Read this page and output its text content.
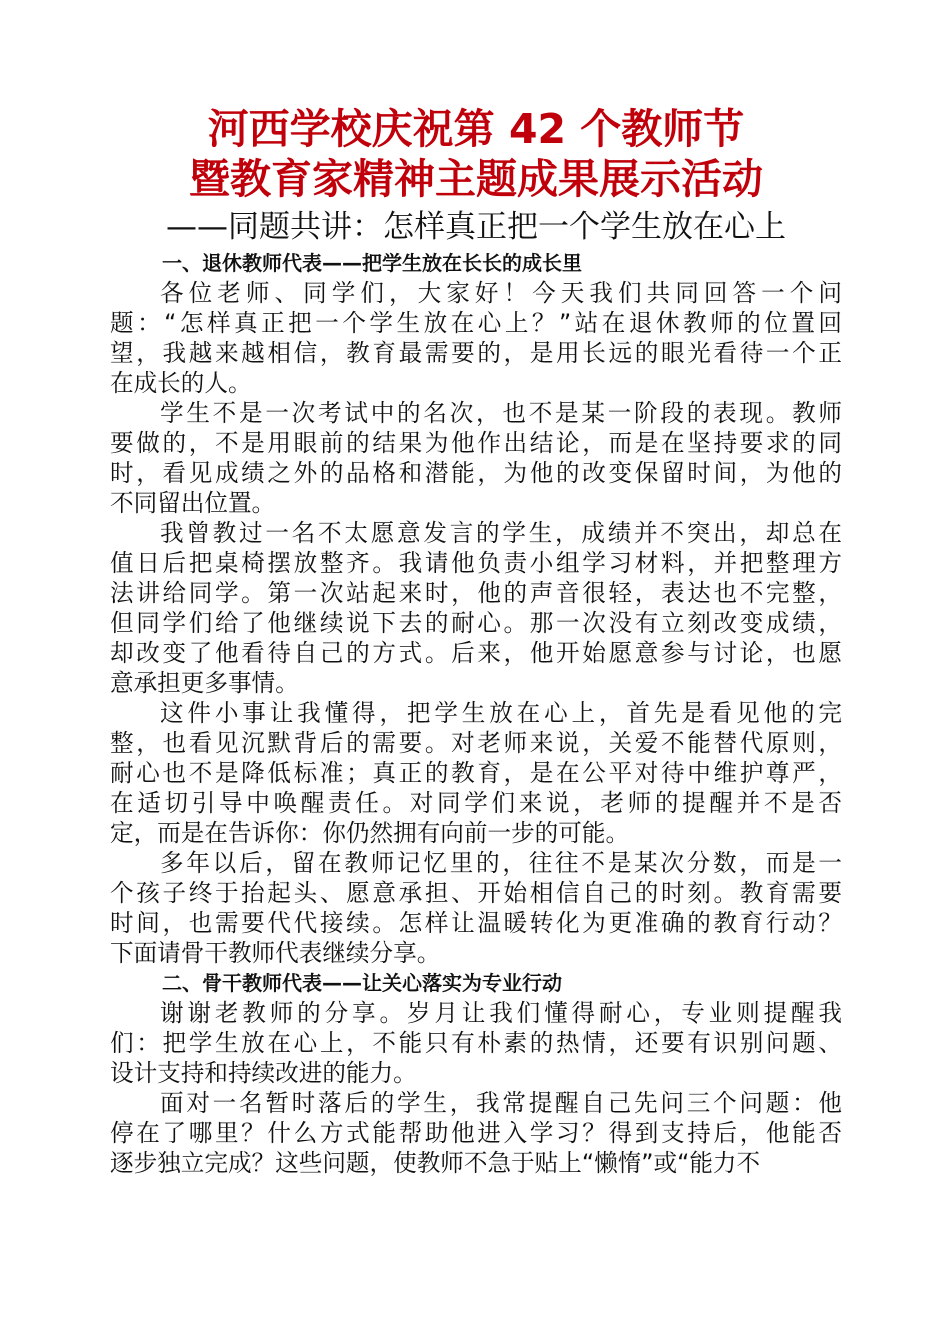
河西学校庆祝第 42 个教师节
暨教育家精神主题成果展示活动
——同题共讲：怎样真正把一个学生放在心上
一、退休教师代表——把学生放在长长的成长里
各位老师、同学们，大家好！今天我们共同回答一个问
题：“怎样真正把一个学生放在心上？”站在退休教师的位置回
望，我越来越相信，教育最需要的，是用长远的眼光看待一个正
在成长的人。
学生不是一次考试中的名次，也不是某一阶段的表现。教师
要做的，不是用眼前的结果为他作出结论，而是在坚持要求的同
时，看见成绩之外的品格和潜能，为他的改变保留时间，为他的
不同留出位置。
我曾教过一名不太愿意发言的学生，成绩并不突出，却总在
值日后把桌椅摆放整齐。我请他负责小组学习材料，并把整理方
法讲给同学。第一次站起来时，他的声音很轻，表达也不完整，
但同学们给了他继续说下去的耐心。那一次没有立刻改变成绩，
却改变了他看待自己的方式。后来，他开始愿意参与讨论，也愿
意承担更多事情。
这件小事让我懂得，把学生放在心上，首先是看见他的完
整，也看见沉默背后的需要。对老师来说，关爱不能替代原则，
耐心也不是降低标准；真正的教育，是在公平对待中维护尊严，
在适切引导中唤醒责任。对同学们来说，老师的提醒并不是否
定，而是在告诉你：你仍然拥有向前一步的可能。
多年以后，留在教师记忆里的，往往不是某次分数，而是一
个孩子终于抬起头、愿意承担、开始相信自己的时刻。教育需要
时间，也需要代代接续。怎样让温暖转化为更准确的教育行动？
下面请骨干教师代表继续分享。
二、骨干教师代表——让关心落实为专业行动
谢谢老教师的分享。岁月让我们懂得耐心，专业则提醒我
们：把学生放在心上，不能只有朴素的热情，还要有识别问题、
设计支持和持续改进的能力。
面对一名暂时落后的学生，我常提醒自己先问三个问题：他
停在了哪里？什么方式能帮助他进入学习？得到支持后，他能否
逐步独立完成？这些问题，使教师不急于贴上“懒惰”或“能力不
